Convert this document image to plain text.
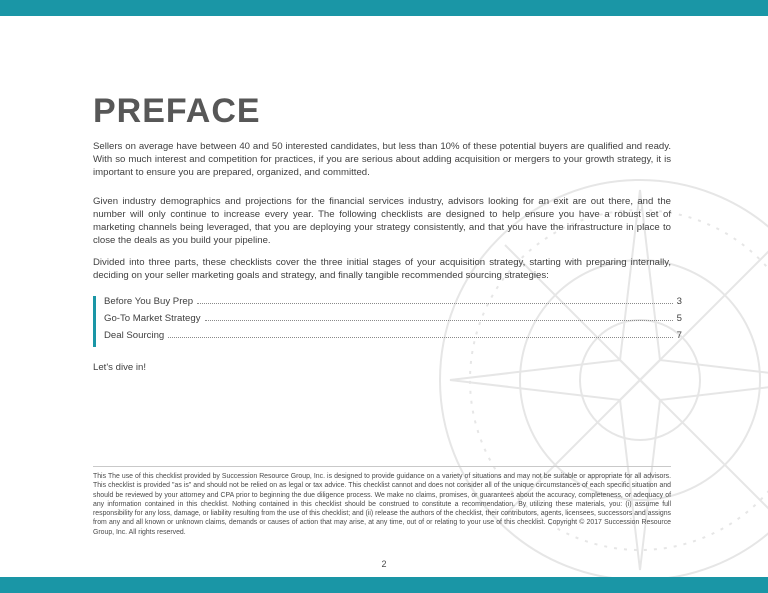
PREFACE

Sellers on average have between 40 and 50 interested candidates, but less than 10% of these potential buyers are qualified and ready. With so much interest and competition for practices, if you are serious about adding acquisition or mergers to your growth strategy, it is important to ensure you are prepared, organized, and committed.

Given industry demographics and projections for the financial services industry, advisors looking for an exit are out there, and the number will only continue to increase every year. The following checklists are designed to help ensure you have a robust set of marketing channels being leveraged, that you are deploying your strategy consistently, and that you have the infrastructure in place to close the deals as you build your pipeline.

Divided into three parts, these checklists cover the three initial stages of your acquisition strategy, starting with preparing internally, deciding on your seller marketing goals and strategy, and finally tangible recommended sourcing strategies:

Before You Buy Prep	3
Go-To Market Strategy	5
Deal Sourcing	7

Let's dive in!

This The use of this checklist provided by Succession Resource Group, Inc. is designed to provide guidance on a variety of situations and may not be suitable or appropriate for all advisors. This checklist is provided "as is" and should not be relied on as legal or tax advice. This checklist cannot and does not consider all of the unique circumstances of each specific situation and should be reviewed by your attorney and CPA prior to beginning the due diligence process. We make no claims, promises, or guarantees about the accuracy, completeness, or adequacy of any information contained in this checklist. Nothing contained in this checklist should be construed to constitute a recommendation. By utilizing these materials, you: (i) assume full responsibility for any loss, damage, or liability resulting from the use of this checklist; and (ii) release the authors of the checklist, their contributors, agents, licensees, successors and assigns from any and all known or unknown claims, demands or causes of action that may arise, at any time, out of or relating to your use of this checklist. Copyright © 2017 Succession Resource Group, Inc. All rights reserved.

2
